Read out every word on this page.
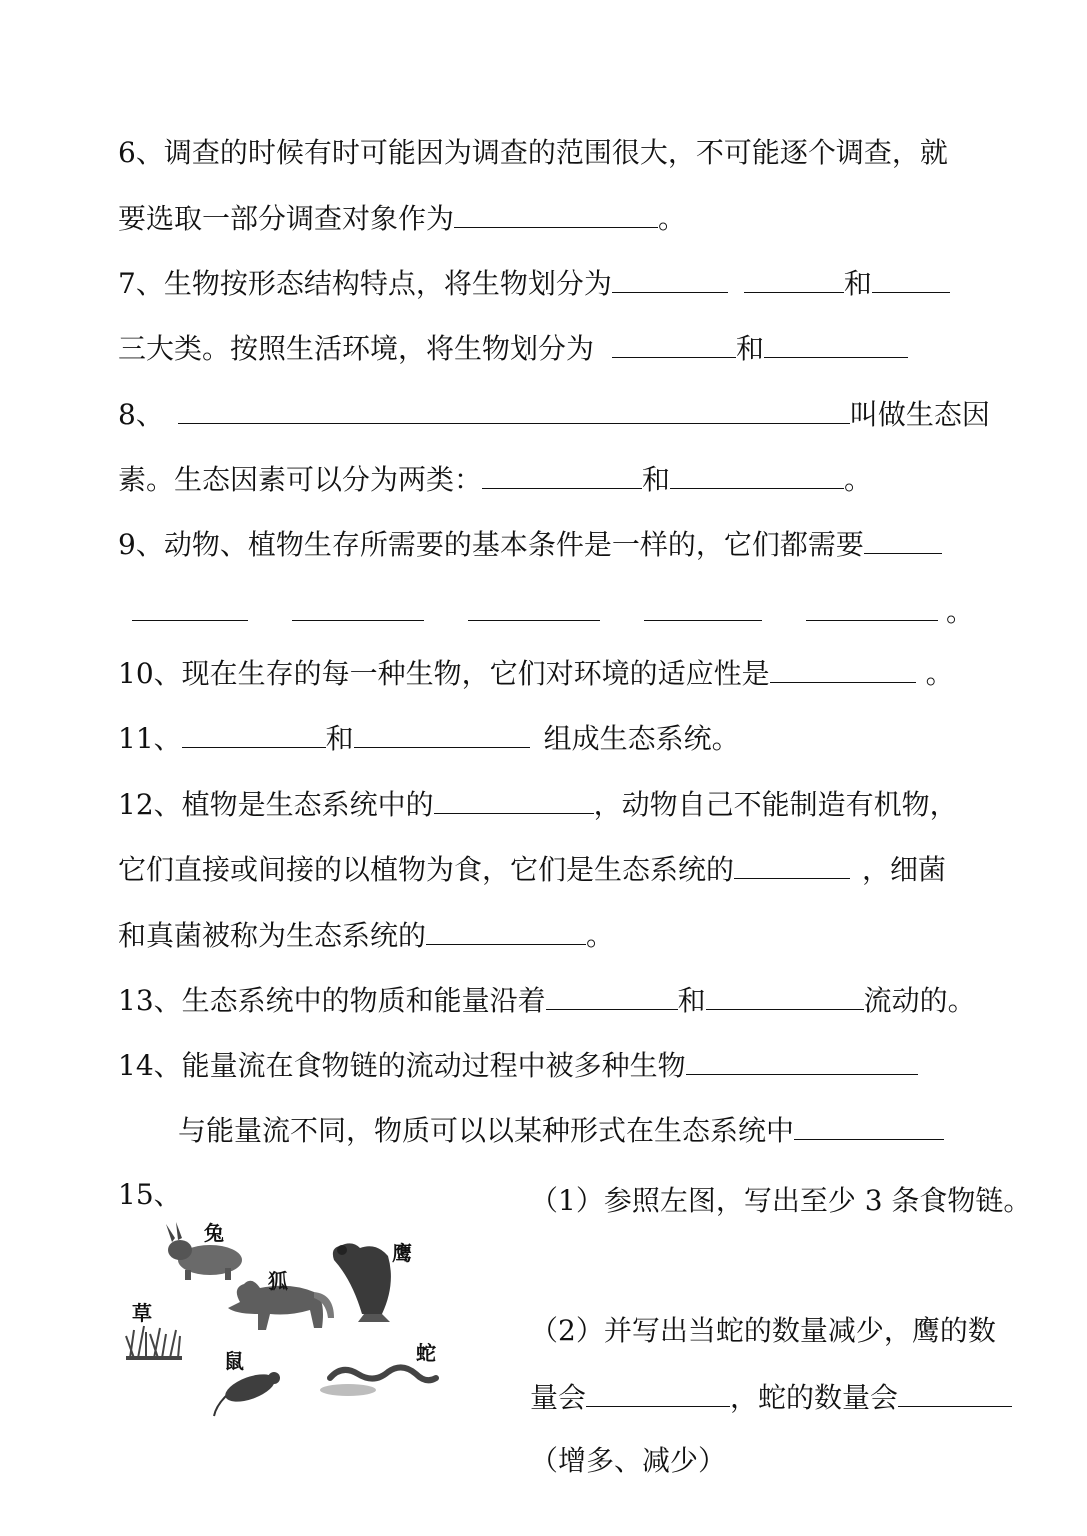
6、调查的时候有时可能因为调查的范围很大，不可能逐个调查，就
要选取一部分调查对象作为	。
7、生物按形态结构特点，将生物划分为	和
三大类。按照生活环境，将生物划分为	和
8、	叫做生态因
素。生态因素可以分为两类：	和	。
9、动物、植物生存所需要的基本条件是一样的，它们都需要
。
10、现在生存的每一种生物，它们对环境的适应性是	。
11、	和	组成生态系统。
12、植物是生态系统中的	，动物自己不能制造有机物，
它们直接或间接的以植物为食，它们是生态系统的	，细菌
和真菌被称为生态系统的	。
13、生态系统中的物质和能量沿着	和	流动的。
14、能量流在食物链的流动过程中被多种生物
与能量流不同，物质可以以某种形式在生态系统中
15、	（1）参照左图，写出至少 3 条食物链。
（2）并写出当蛇的数量减少，鹰的数
量会	，蛇的数量会
（增多、减少）
兔
鹰
狐
草
鼠	蛇
